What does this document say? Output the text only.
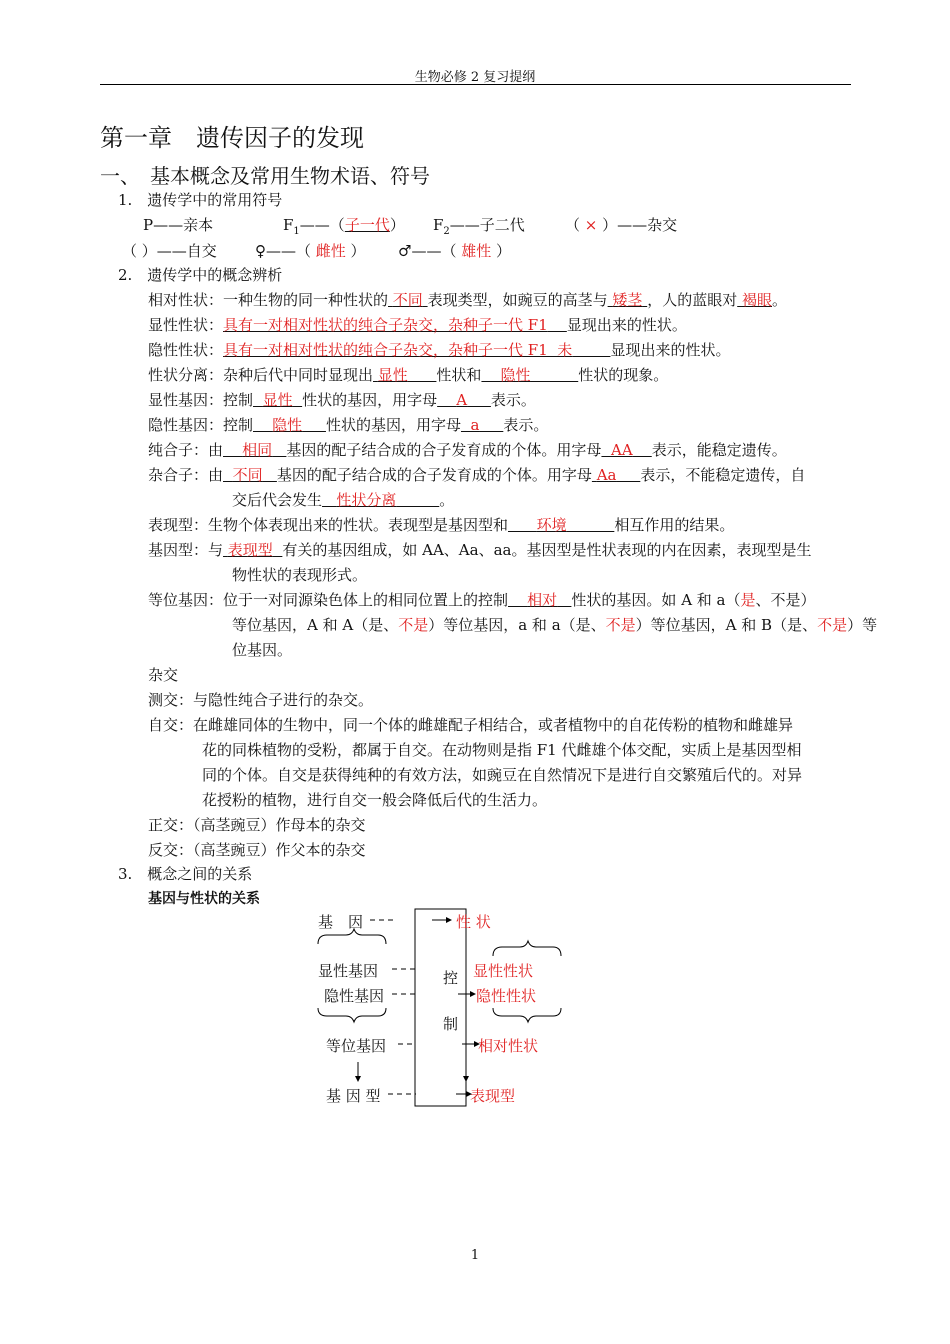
生物必修 2 复习提纲
第一章　遗传因子的发现
一、　基本概念及常用生物术语、符号
1.　遗传学中的常用符号
P——亲本	$F_1——$（子一代） $F_2——$子二代	（ × ）——杂交
（ ）——自交	♀——（ 雌性 ） ♂——（ 雄性 ）
2.　遗传学中的概念辨析
相对性状：一种生物的同一种性状的 不同 表现类型，如豌豆的高茎与 矮茎 ，人的蓝眼对 褐眼。
显性性状：具有一对相对性状的纯合子杂交，杂种子一代 F1 显现出来的性状。
隐性性状：具有一对相对性状的纯合子杂交，杂种子一代 F1  未	显现出来的性状。
性状分离：杂种后代中同时显现出 显性 性状和 隐性	性状的现象。
显性基因：控制 显性 性状的基因，用字母 A 表示。
隐性基因：控制 隐性 性状的基因，用字母 a 表示。
纯合子：由 相同 基因的配子结合成的合子发育成的个体。用字母 AA 表示，能稳定遗传。
杂合子：由 不同 基因的配子结合成的合子发育成的个体。用字母 Aa 表示，不能稳定遗传，自
交后代会发生 性状分离	。
表现型：生物个体表现出来的性状。表现型是基因型和 环境	相互作用的结果。
基因型：与 表现型 有关的基因组成，如 AA、Aa、aa。基因型是性状表现的内在因素，表现型是生
物性状的表现形式。
等位基因：位于一对同源染色体上的相同位置上的控制 相对 性状的基因。如 A 和 a（是、不是）
等位基因，A 和 A（是、不是）等位基因，a 和 a（是、不是）等位基因，A 和 B（是、不是）等
位基因。
杂交
测交：与隐性纯合子进行的杂交。
自交：在雌雄同体的生物中，同一个体的雌雄配子相结合，或者植物中的自花传粉的植物和雌雄异
花的同株植物的受粉，都属于自交。在动物则是指 F1 代雌雄个体交配，实质上是基因型相
同的个体。自交是获得纯种的有效方法，如豌豆在自然情况下是进行自交繁殖后代的。对异
花授粉的植物，进行自交一般会降低后代的生活力。
正交：（高茎豌豆）作母本的杂交
反交：（高茎豌豆）作父本的杂交
3.　概念之间的关系
基因与性状的关系
基　因	性 状
显性基因
隐性基因
等位基因
基 因 型
控
制
显性性状
隐性性状
相对性状
表现型
1
